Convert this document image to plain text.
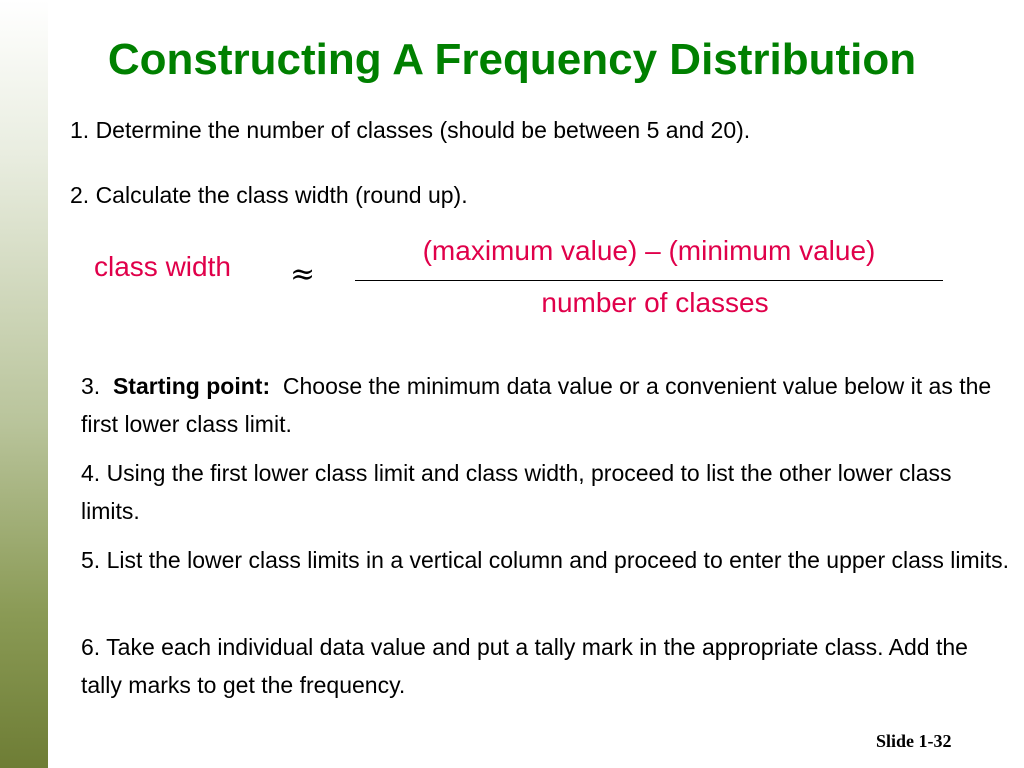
Constructing A Frequency Distribution
1. Determine the number of classes (should be between 5 and 20).
2. Calculate the class width (round up).
class width ≈
(maximum value) – (minimum value)
number of classes
3. Starting point: Choose the minimum data value or a convenient value below it as the first lower class limit.
4. Using the first lower class limit and class width, proceed to list the other lower class limits.
5. List the lower class limits in a vertical column and proceed to enter the upper class limits.
6. Take each individual data value and put a tally mark in the appropriate class. Add the tally marks to get the frequency.
Slide 1-32
